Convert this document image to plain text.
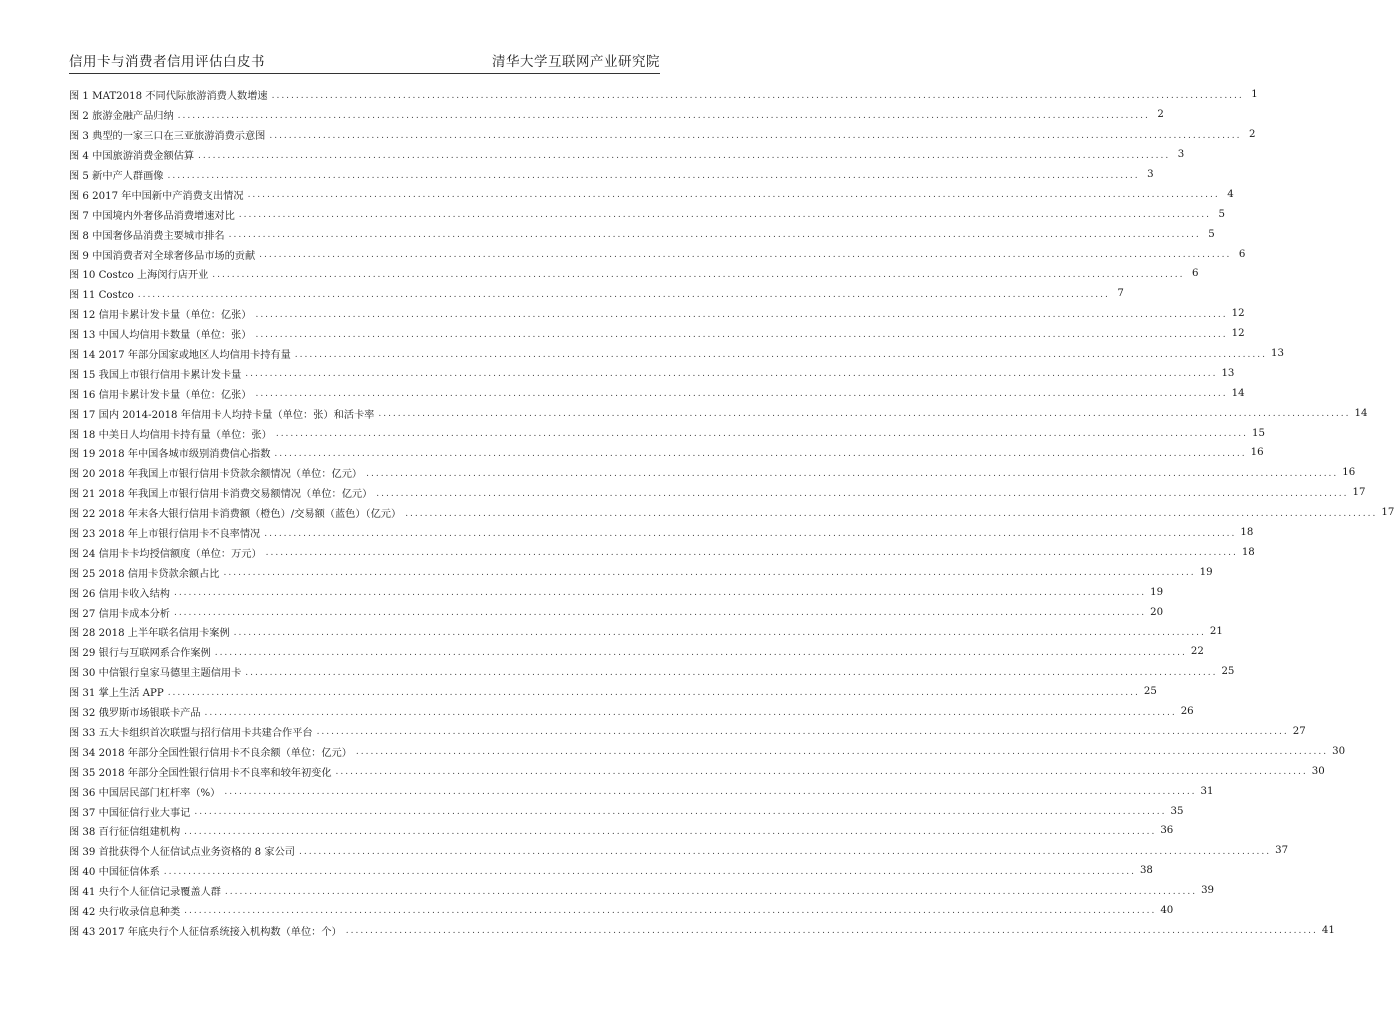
信用卡与消费者信用评估白皮书	清华大学互联网产业研究院
图 1 MAT2018 不同代际旅游消费人数增速 ........................................................................................................................................................................................................ 1
图 2 旅游金融产品归纳 ........................................................................................................................................................................................................ 2
图 3 典型的一家三口在三亚旅游消费示意图 ........................................................................................................................................................................................................ 2
图 4 中国旅游消费金额估算 ........................................................................................................................................................................................................ 3
图 5 新中产人群画像 ........................................................................................................................................................................................................ 3
图 6 2017 年中国新中产消费支出情况 ........................................................................................................................................................................................................ 4
图 7 中国境内外奢侈品消费增速对比 ........................................................................................................................................................................................................ 5
图 8 中国奢侈品消费主要城市排名 ........................................................................................................................................................................................................ 5
图 9 中国消费者对全球奢侈品市场的贡献 ........................................................................................................................................................................................................ 6
图 10 Costco 上海闵行店开业 ........................................................................................................................................................................................................ 6
图 11 Costco ........................................................................................................................................................................................................ 7
图 12 信用卡累计发卡量（单位：亿张） ........................................................................................................................................................................................................ 12
图 13 中国人均信用卡数量（单位：张） ........................................................................................................................................................................................................ 12
图 14 2017 年部分国家或地区人均信用卡持有量 ........................................................................................................................................................................................................ 13
图 15 我国上市银行信用卡累计发卡量 ........................................................................................................................................................................................................ 13
图 16 信用卡累计发卡量（单位：亿张） ........................................................................................................................................................................................................ 14
图 17 国内 2014-2018 年信用卡人均持卡量（单位：张）和活卡率 ........................................................................................................................................................................................................ 14
图 18 中美日人均信用卡持有量（单位：张） ........................................................................................................................................................................................................ 15
图 19 2018 年中国各城市级别消费信心指数 ........................................................................................................................................................................................................ 16
图 20 2018 年我国上市银行信用卡贷款余额情况（单位：亿元） ........................................................................................................................................................................................................ 16
图 21 2018 年我国上市银行信用卡消费交易额情况（单位：亿元） ........................................................................................................................................................................................................ 17
图 22 2018 年末各大银行信用卡消费额（橙色）/交易额（蓝色）（亿元） ........................................................................................................................................................................................................ 17
图 23 2018 年上市银行信用卡不良率情况 ........................................................................................................................................................................................................ 18
图 24 信用卡卡均授信额度（单位：万元） ........................................................................................................................................................................................................ 18
图 25 2018 信用卡贷款余额占比 ........................................................................................................................................................................................................ 19
图 26 信用卡收入结构 ........................................................................................................................................................................................................ 19
图 27 信用卡成本分析 ........................................................................................................................................................................................................ 20
图 28 2018 上半年联名信用卡案例 ........................................................................................................................................................................................................ 21
图 29 银行与互联网系合作案例 ........................................................................................................................................................................................................ 22
图 30 中信银行皇家马德里主题信用卡 ........................................................................................................................................................................................................ 25
图 31 掌上生活 APP ........................................................................................................................................................................................................ 25
图 32 俄罗斯市场银联卡产品 ........................................................................................................................................................................................................ 26
图 33 五大卡组织首次联盟与招行信用卡共建合作平台 ........................................................................................................................................................................................................ 27
图 34 2018 年部分全国性银行信用卡不良余额（单位：亿元） ........................................................................................................................................................................................................ 30
图 35 2018 年部分全国性银行信用卡不良率和较年初变化 ........................................................................................................................................................................................................ 30
图 36 中国居民部门杠杆率（%） ........................................................................................................................................................................................................ 31
图 37 中国征信行业大事记 ........................................................................................................................................................................................................ 35
图 38 百行征信组建机构 ........................................................................................................................................................................................................ 36
图 39 首批获得个人征信试点业务资格的 8 家公司 ........................................................................................................................................................................................................ 37
图 40 中国征信体系 ........................................................................................................................................................................................................ 38
图 41 央行个人征信记录覆盖人群 ........................................................................................................................................................................................................ 39
图 42 央行收录信息种类 ........................................................................................................................................................................................................ 40
图 43 2017 年底央行个人征信系统接入机构数（单位：个） ........................................................................................................................................................................................................ 41
